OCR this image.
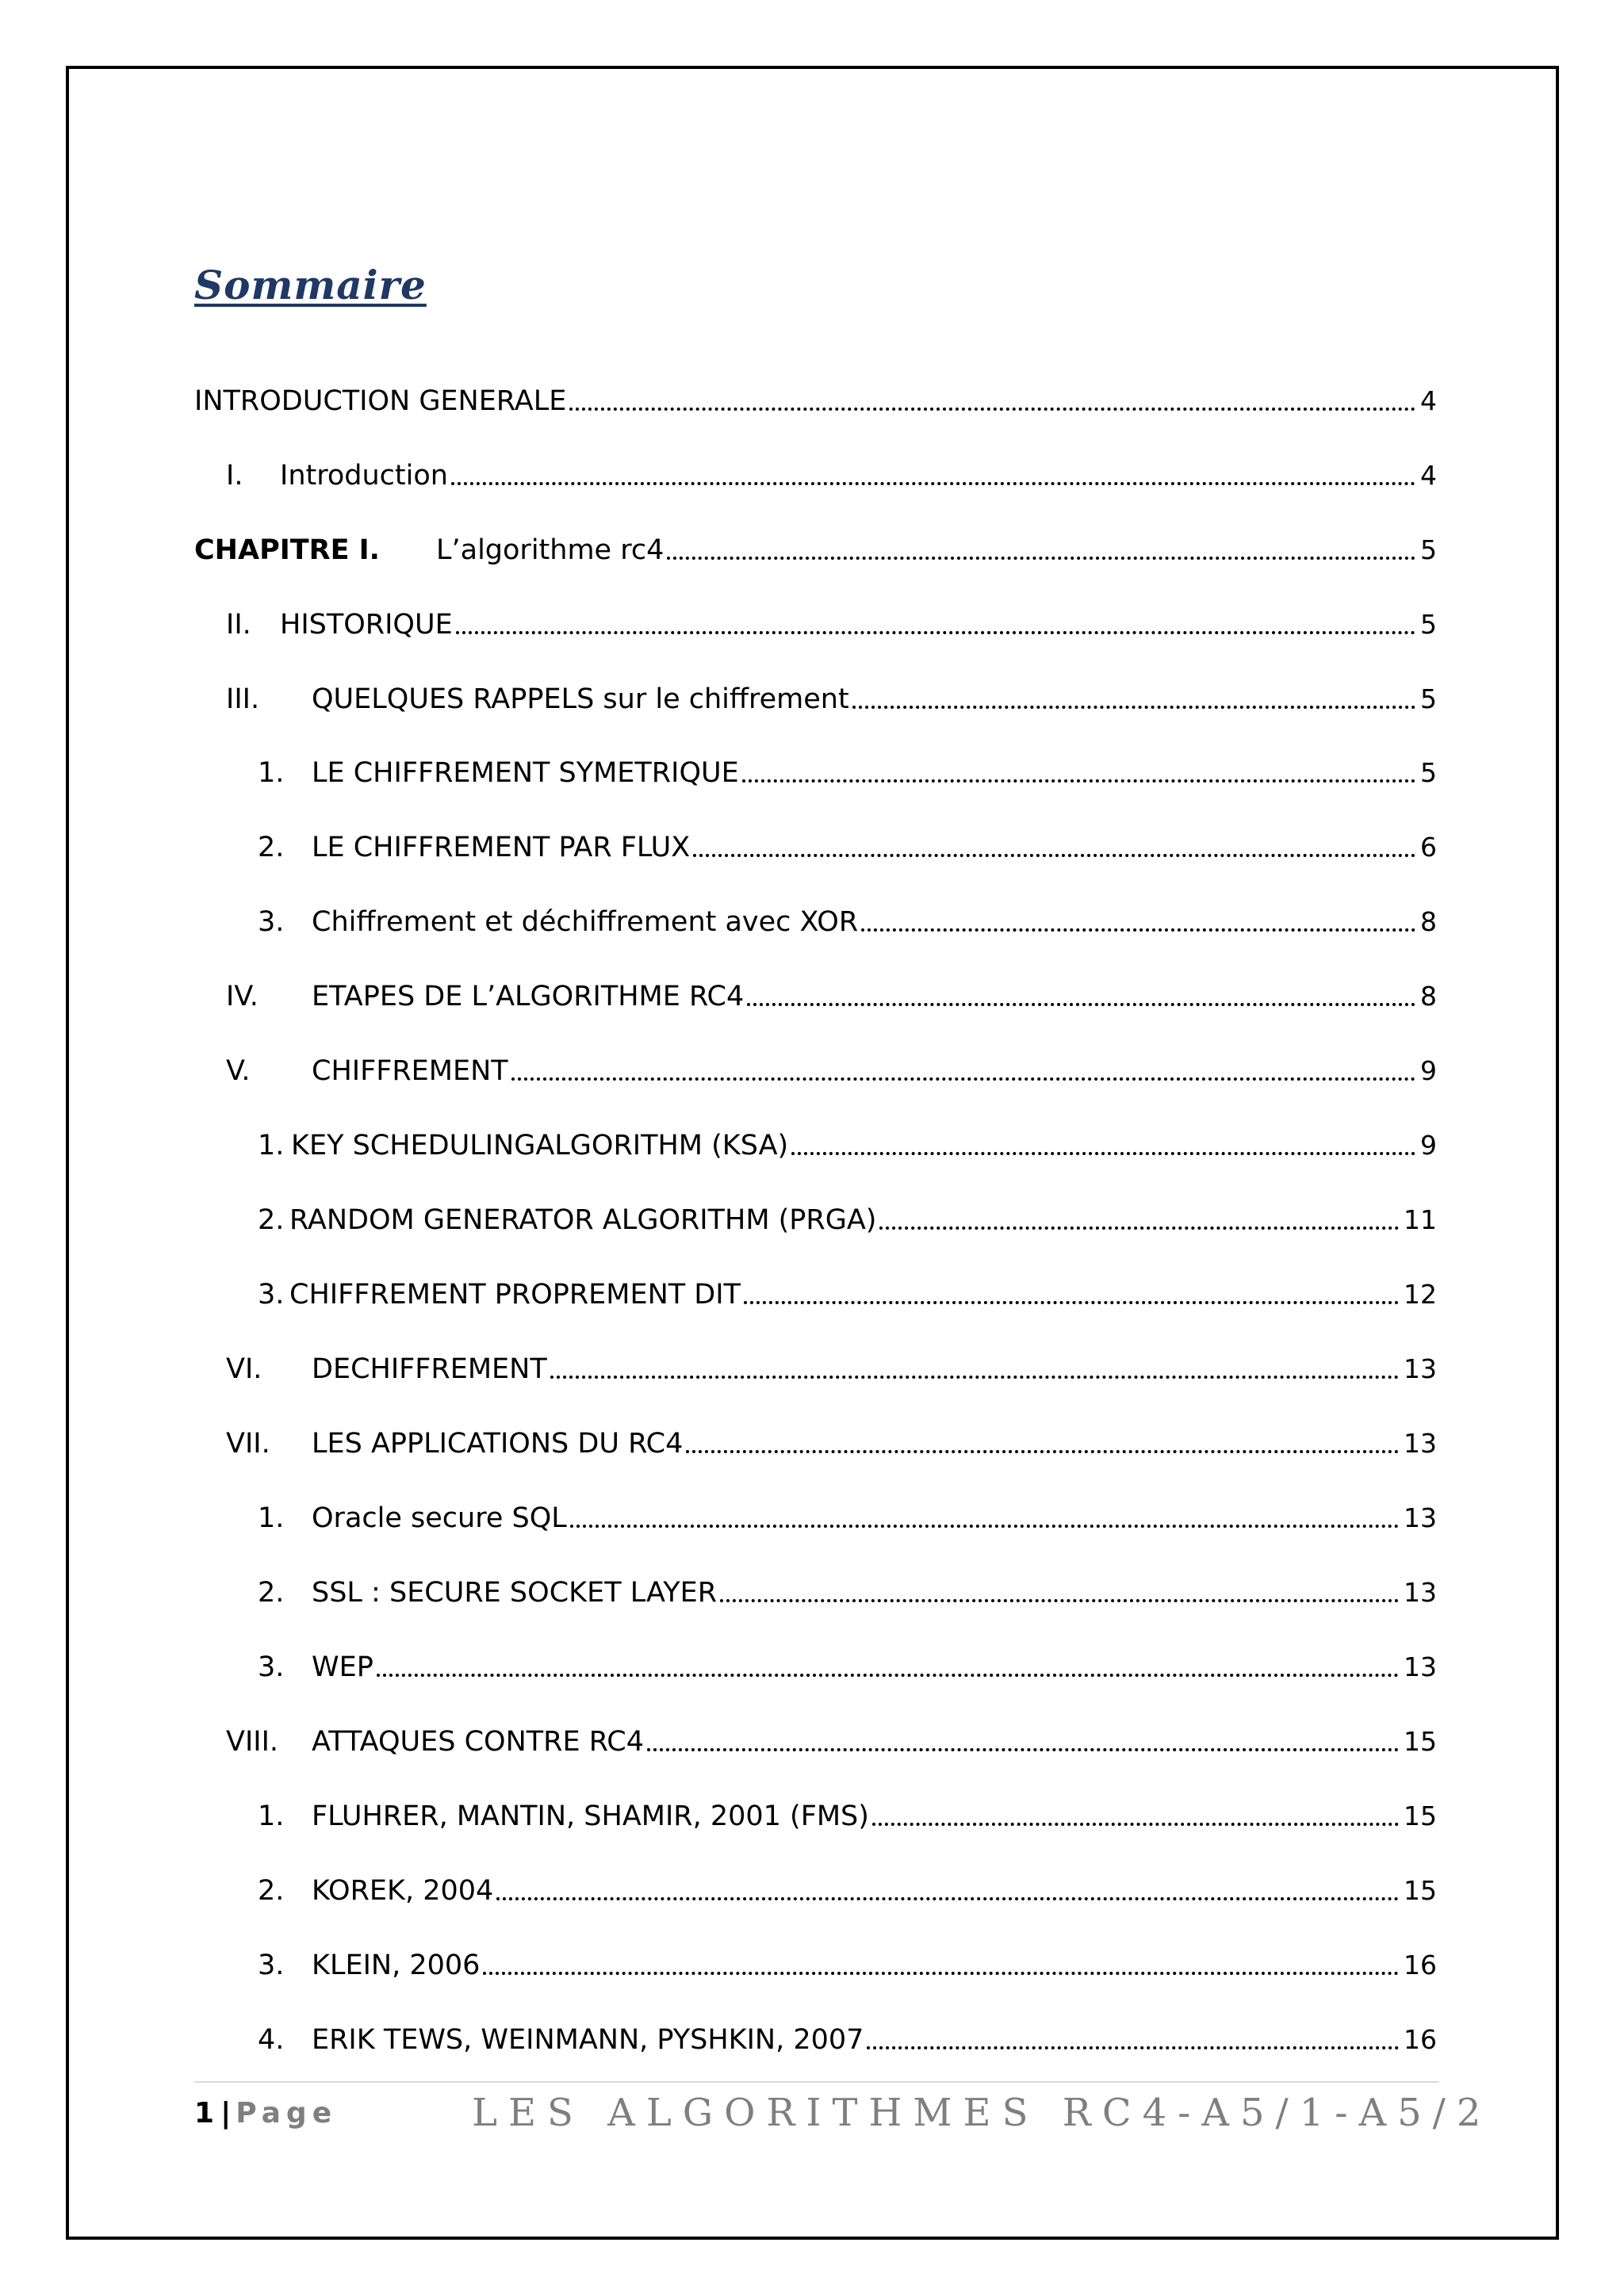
Sommaire
INTRODUCTION GENERALE	4
I.	Introduction	4
CHAPITRE I.	L’algorithme rc4	5
II.	HISTORIQUE	5
III.	QUELQUES RAPPELS sur le chiffrement	5
1. LE CHIFFREMENT SYMETRIQUE	5
2. LE CHIFFREMENT PAR FLUX	6
3. Chiffrement et déchiffrement avec XOR	8
IV.	ETAPES DE L’ALGORITHME RC4	8
V.	CHIFFREMENT	9
1. KEY SCHEDULINGALGORITHM (KSA)	9
2. RANDOM GENERATOR ALGORITHM (PRGA)	11
3. CHIFFREMENT PROPREMENT DIT	12
VI.	DECHIFFREMENT	13
VII.	LES APPLICATIONS DU RC4	13
1. Oracle secure SQL	13
2. SSL : SECURE SOCKET LAYER	13
3. WEP	13
VIII.	ATTAQUES CONTRE RC4	15
1. FLUHRER, MANTIN, SHAMIR, 2001 (FMS)	15
2. KOREK, 2004	15
3. KLEIN, 2006	16
4. ERIK TEWS, WEINMANN, PYSHKIN, 2007	16
1 | Page	LES ALGORITHMES RC4-A5/1-A5/2
